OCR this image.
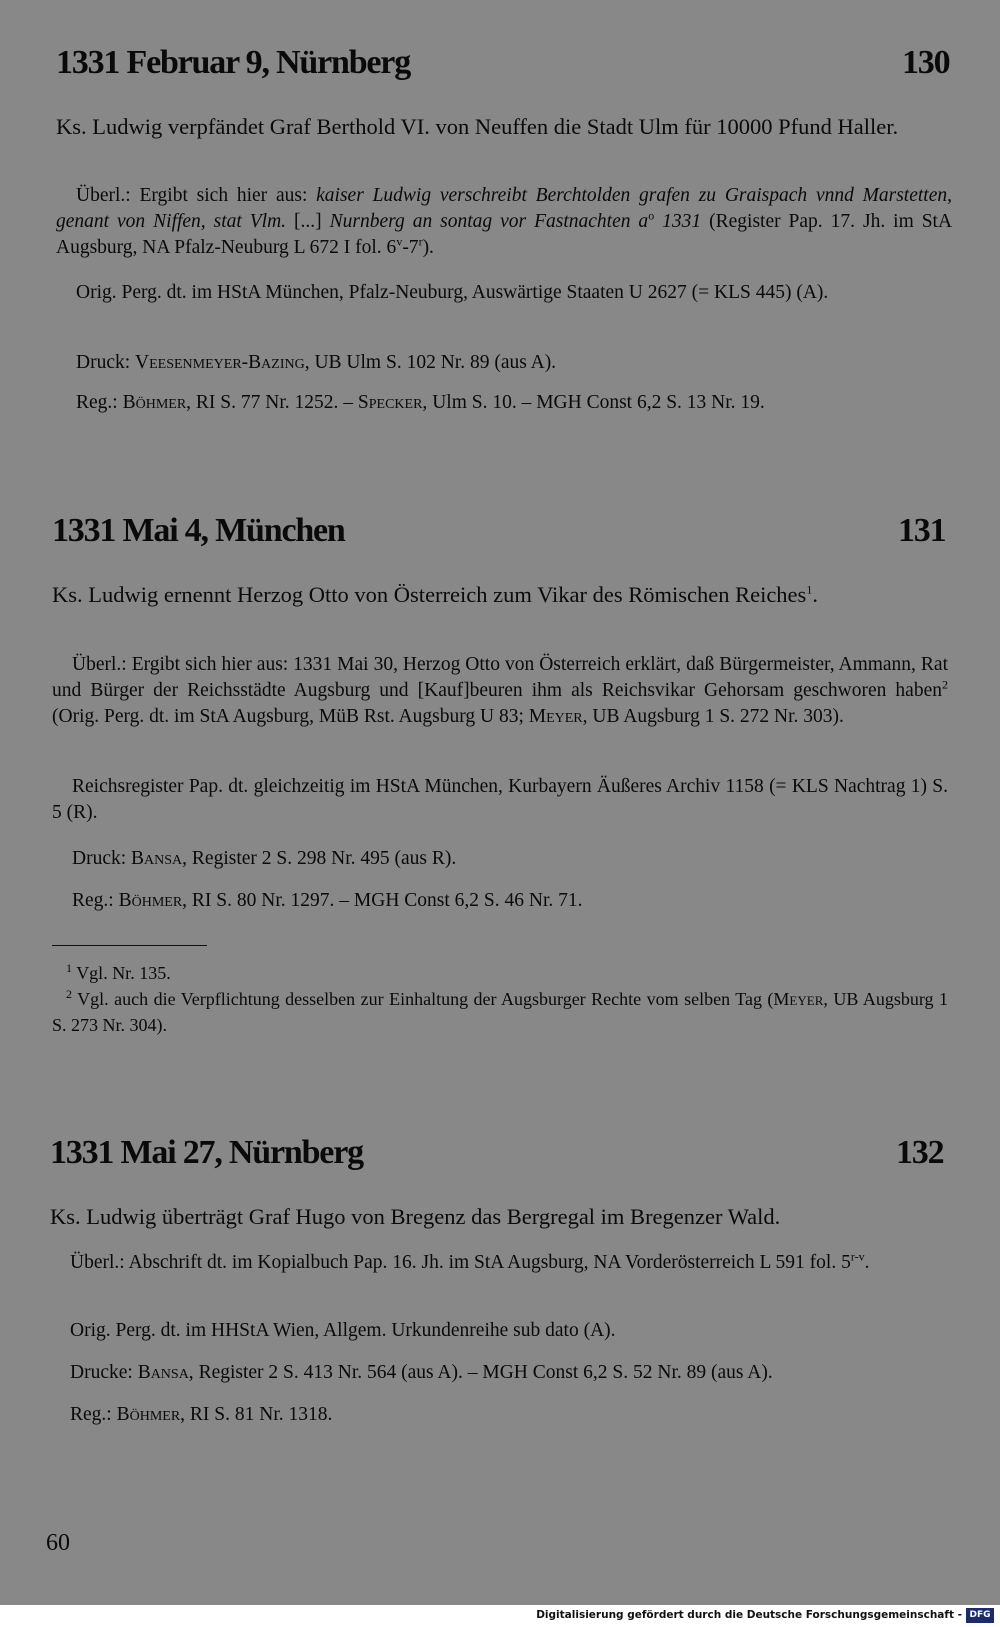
1331 Februar 9, Nürnberg	130

Ks. Ludwig verpfändet Graf Berthold VI. von Neuffen die Stadt Ulm für 10000 Pfund Haller.

Überl.: Ergibt sich hier aus: kaiser Ludwig verschreibt Berchtolden grafen zu Graispach vnnd Marstetten, genant von Niffen, stat Vlm. [...] Nurnberg an sontag vor Fastnachten $a^o$ 1331 (Register Pap. 17. Jh. im StA Augsburg, NA Pfalz-Neuburg L 672 I fol. 6$^v$-7$^r$).

Orig. Perg. dt. im HStA München, Pfalz-Neuburg, Auswärtige Staaten U 2627 (= KLS 445) (A).

Druck: Veesenmeyer-Bazing, UB Ulm S. 102 Nr. 89 (aus A).

Reg.: Böhmer, RI S. 77 Nr. 1252. – Specker, Ulm S. 10. – MGH Const 6,2 S. 13 Nr. 19.

1331 Mai 4, München	131

Ks. Ludwig ernennt Herzog Otto von Österreich zum Vikar des Römischen Reiches$^1$.

Überl.: Ergibt sich hier aus: 1331 Mai 30, Herzog Otto von Österreich erklärt, daß Bürgermeister, Ammann, Rat und Bürger der Reichsstädte Augsburg und [Kauf]beuren ihm als Reichsvikar Gehorsam geschworen haben$^2$ (Orig. Perg. dt. im StA Augsburg, MüB Rst. Augsburg U 83; Meyer, UB Augsburg 1 S. 272 Nr. 303).

Reichsregister Pap. dt. gleichzeitig im HStA München, Kurbayern Äußeres Archiv 1158 (= KLS Nachtrag 1) S. 5 (R).

Druck: Bansa, Register 2 S. 298 Nr. 495 (aus R).

Reg.: Böhmer, RI S. 80 Nr. 1297. – MGH Const 6,2 S. 46 Nr. 71.

$^1$ Vgl. Nr. 135.

$^2$ Vgl. auch die Verpflichtung desselben zur Einhaltung der Augsburger Rechte vom selben Tag (Meyer, UB Augsburg 1 S. 273 Nr. 304).

1331 Mai 27, Nürnberg	132

Ks. Ludwig überträgt Graf Hugo von Bregenz das Bergregal im Bregenzer Wald.

Überl.: Abschrift dt. im Kopialbuch Pap. 16. Jh. im StA Augsburg, NA Vorderösterreich L 591 fol. 5$^{r-v}$.

Orig. Perg. dt. im HHStA Wien, Allgem. Urkundenreihe sub dato (A).

Drucke: Bansa, Register 2 S. 413 Nr. 564 (aus A). – MGH Const 6,2 S. 52 Nr. 89 (aus A).

Reg.: Böhmer, RI S. 81 Nr. 1318.

60
Digitalisierung gefördert durch die Deutsche Forschungsgemeinschaft - DFG
